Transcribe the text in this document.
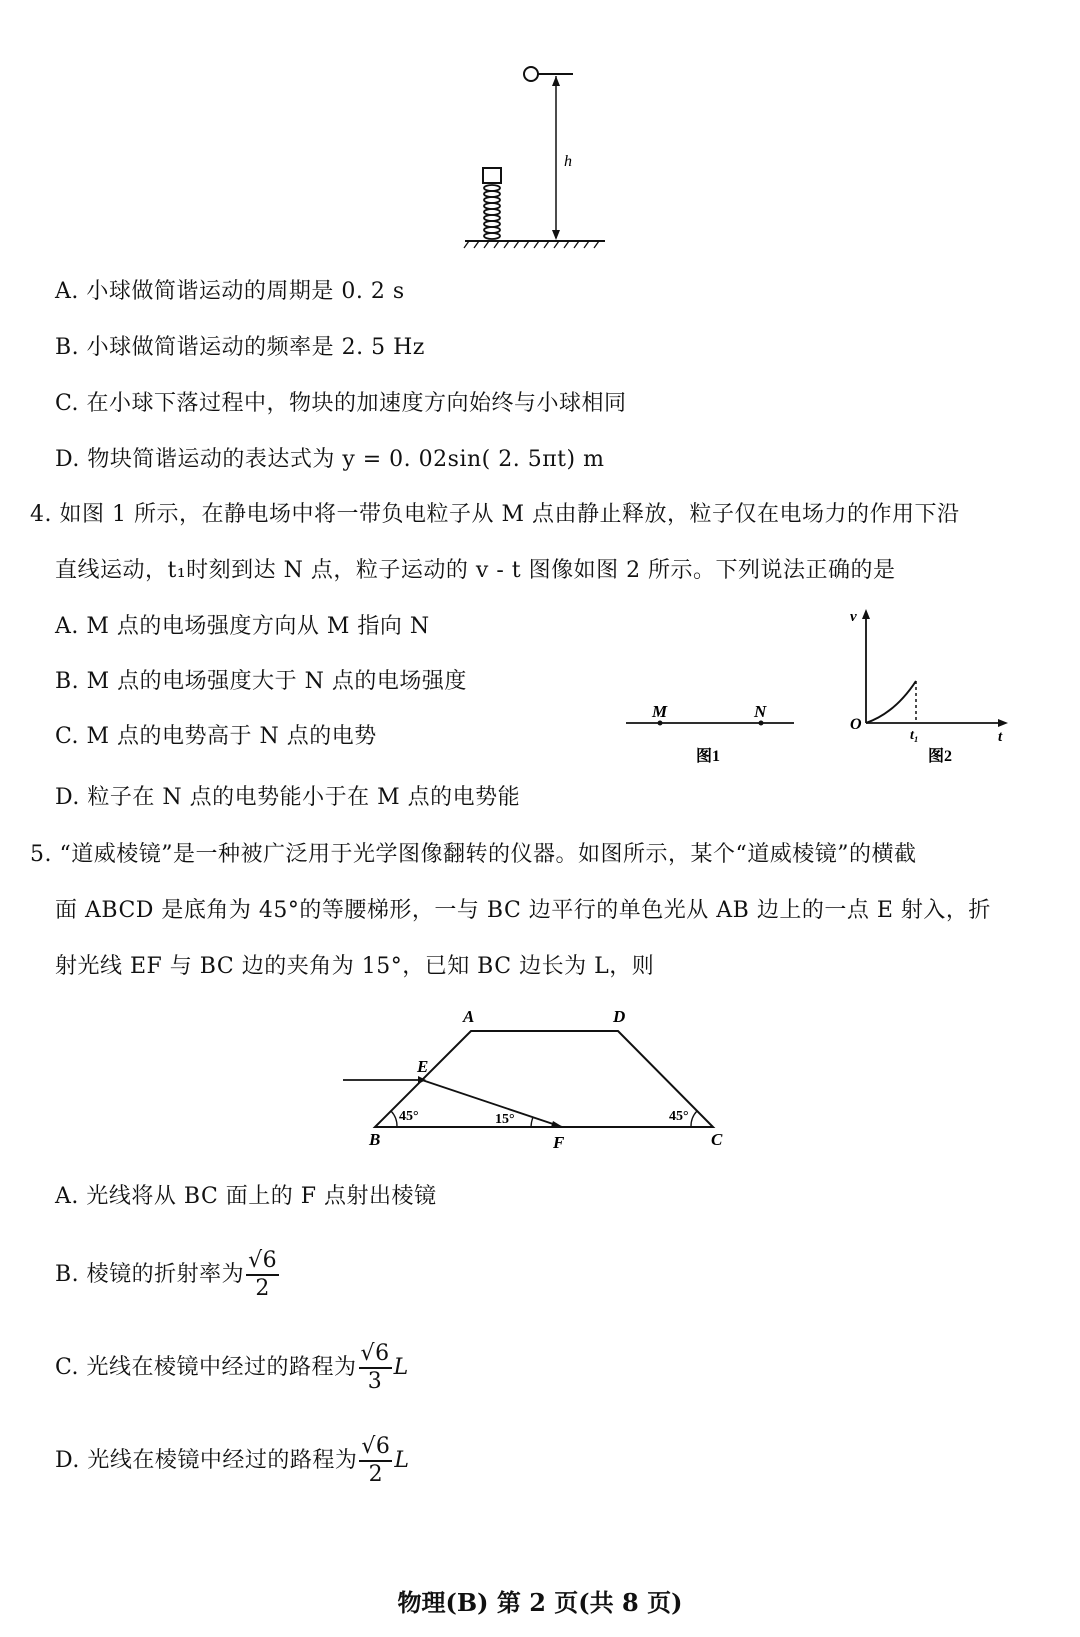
h
A. 小球做简谐运动的周期是 0. 2 s
B. 小球做简谐运动的频率是 2. 5 Hz
C. 在小球下落过程中，物块的加速度方向始终与小球相同
D. 物块简谐运动的表达式为 y = 0. 02sin( 2. 5πt) m
4. 如图 1 所示，在静电场中将一带负电粒子从 M 点由静止释放，粒子仅在电场力的作用下沿
直线运动，t₁时刻到达 N 点，粒子运动的 v - t 图像如图 2 所示。下列说法正确的是
A. M 点的电场强度方向从 M 指向 N
B. M 点的电场强度大于 N 点的电场强度
C. M 点的电势高于 N 点的电势
D. 粒子在 N 点的电势能小于在 M 点的电势能
M	N
图1
v
t
O
t₁
图2
5. “道威棱镜”是一种被广泛用于光学图像翻转的仪器。如图所示，某个“道威棱镜”的横截
面 ABCD 是底角为 45°的等腰梯形，一与 BC 边平行的单色光从 AB 边上的一点 E 射入，折
射光线 EF 与 BC 边的夹角为 15°，已知 BC 边长为 L，则
A	D
B	C
E
F
45°	15°	45°
A. 光线将从 BC 面上的 F 点射出棱镜
B. 棱镜的折射率为 $\frac{√6}{2}$
C. 光线在棱镜中经过的路程为 $\frac{√6}{3}$ L
D. 光线在棱镜中经过的路程为 $\frac{√6}{2}$ L
物理(B) 第 2 页(共 8 页)
